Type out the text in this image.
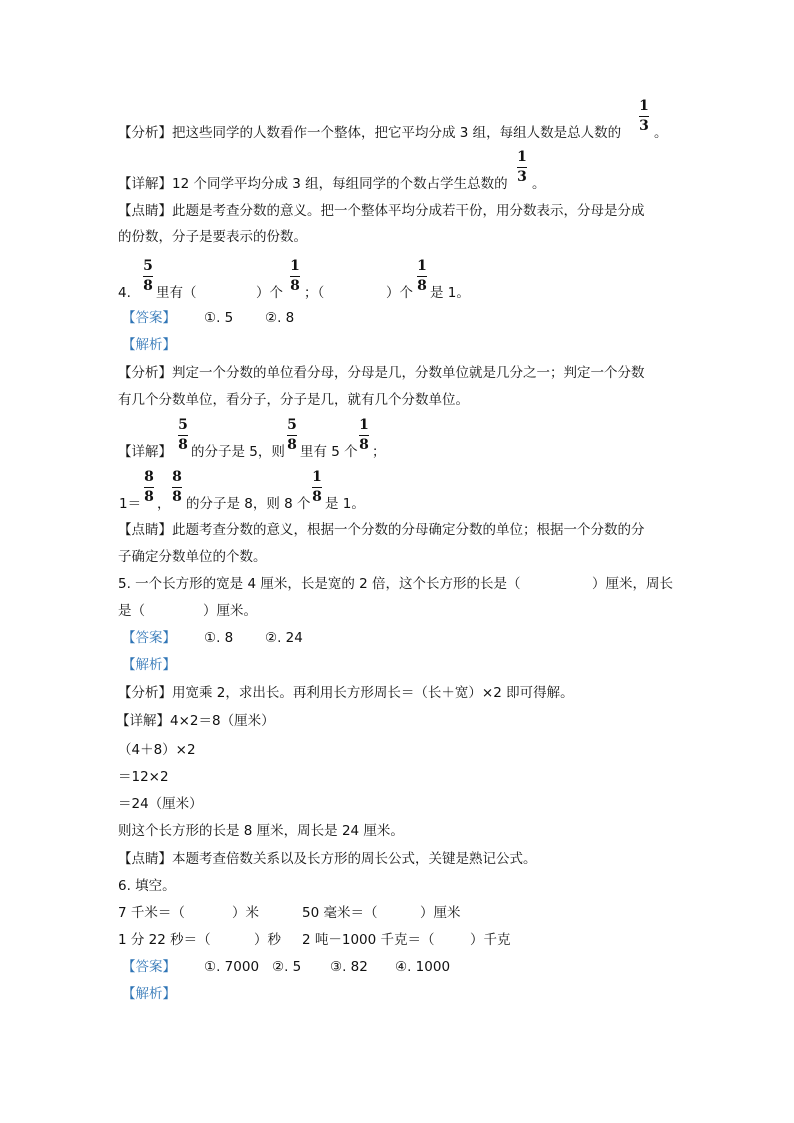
【分析】把这些同学的人数看作一个整体，把它平均分成 3 组，每组人数是总人数的
1
3 。
【详解】12 个同学平均分成 3 组，每组同学的个数占学生总数的
1
3 。
【点睛】此题是考查分数的意义。把一个整体平均分成若干份，用分数表示，分母是分成
的份数，分子是要表示的份数。
4.
5
8 里有（	）个
1
8 ；（	）个
1
8 是 1。
【答案】 ①. 5 ②. 8
【解析】
【分析】判定一个分数的单位看分母，分母是几，分数单位就是几分之一；判定一个分数
有几个分数单位，看分子，分子是几，就有几个分数单位。
【详解】
5
8 的分子是 5，则
5
8 里有 5 个
1
8 ；
1＝
8
8 ，
8
8 的分子是 8，则 8 个
1
8 是 1。
【点睛】此题考查分数的意义，根据一个分数的分母确定分数的单位；根据一个分数的分
子确定分数单位的个数。
5. 一个长方形的宽是 4 厘米，长是宽的 2 倍，这个长方形的长是（	）厘米，周长
是（	）厘米。
【答案】 ①. 8 ②. 24
【解析】
【分析】用宽乘 2，求出长。再利用长方形周长＝（长＋宽）×2 即可得解。
【详解】4×2＝8（厘米）
（4＋8）×2
＝12×2
＝24（厘米）
则这个长方形的长是 8 厘米，周长是 24 厘米。
【点睛】本题考查倍数关系以及长方形的周长公式，关键是熟记公式。
6. 填空。
7 千米＝（	）米	50 毫米＝（	）厘米
1 分 22 秒＝（	）秒 2 吨－1000 千克＝（	）千克
【答案】 ①. 7000 ②. 5 ③. 82 ④. 1000
【解析】
